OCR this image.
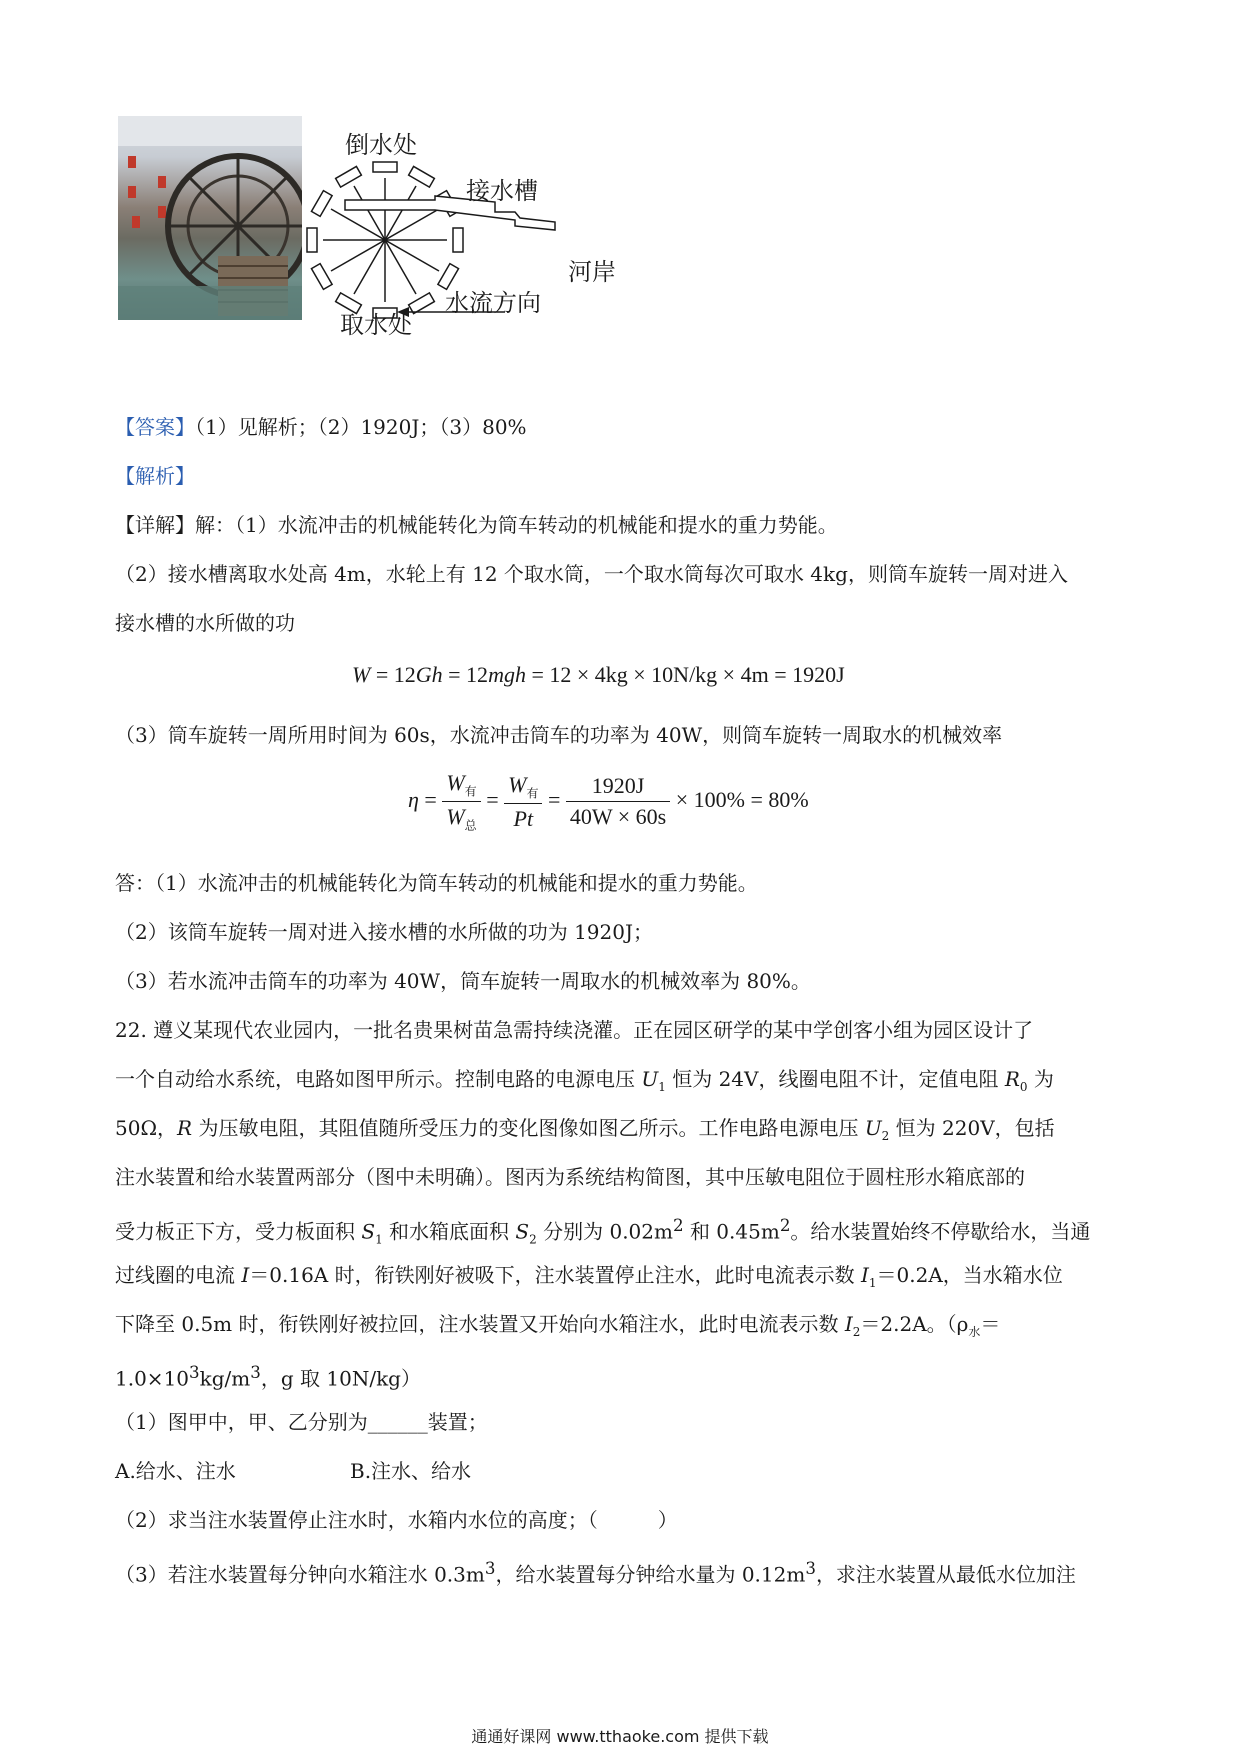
倒水处
接水槽
河岸
水流方向
取水处
【答案】（1）见解析；（2）1920J；（3）80%
【解析】
【详解】解：（1）水流冲击的机械能转化为筒车转动的机械能和提水的重力势能。
（2）接水槽离取水处高 4m，水轮上有 12 个取水筒，一个取水筒每次可取水 4kg，则筒车旋转一周对进入
接水槽的水所做的功
W = 12Gh = 12mgh = 12 × 4kg × 10N/kg × 4m = 1920J
（3）筒车旋转一周所用时间为 60s，水流冲击筒车的功率为 40W，则筒车旋转一周取水的机械效率
$\eta = \frac{W_有}{W_总} = \frac{W_有}{Pt} = \frac{1920J}{40W \times 60s} \times 100\% = 80\%$
答：（1）水流冲击的机械能转化为筒车转动的机械能和提水的重力势能。
（2）该筒车旋转一周对进入接水槽的水所做的功为 1920J；
（3）若水流冲击筒车的功率为 40W，筒车旋转一周取水的机械效率为 80%。
22. 遵义某现代农业园内，一批名贵果树苗急需持续浇灌。正在园区研学的某中学创客小组为园区设计了
一个自动给水系统，电路如图甲所示。控制电路的电源电压 $U_1$ 恒为 24V，线圈电阻不计，定值电阻 $R_0$ 为
50Ω，R 为压敏电阻，其阻值随所受压力的变化图像如图乙所示。工作电路电源电压 $U_2$ 恒为 220V，包括
注水装置和给水装置两部分（图中未明确）。图丙为系统结构简图，其中压敏电阻位于圆柱形水箱底部的
受力板正下方，受力板面积 $S_1$ 和水箱底面积 $S_2$ 分别为 $0.02m^2$ 和 $0.45m^2$。给水装置始终不停歇给水，当通
过线圈的电流 I＝0.16A 时，衔铁刚好被吸下，注水装置停止注水，此时电流表示数 $I_1=0.2A$，当水箱水位
下降至 0.5m 时，衔铁刚好被拉回，注水装置又开始向水箱注水，此时电流表示数 $I_2=2.2A$。（$\rho_水=$
$1.0\times 10^3kg/m^3$，g 取 10N/kg）
（1）图甲中，甲、乙分别为______装置；
A.给水、注水	B.注水、给水
（2）求当注水装置停止注水时，水箱内水位的高度；（　　　）
（3）若注水装置每分钟向水箱注水 $0.3m^3$，给水装置每分钟给水量为 $0.12m^3$，求注水装置从最低水位加注
通通好课网 www.tthaoke.com 提供下载
